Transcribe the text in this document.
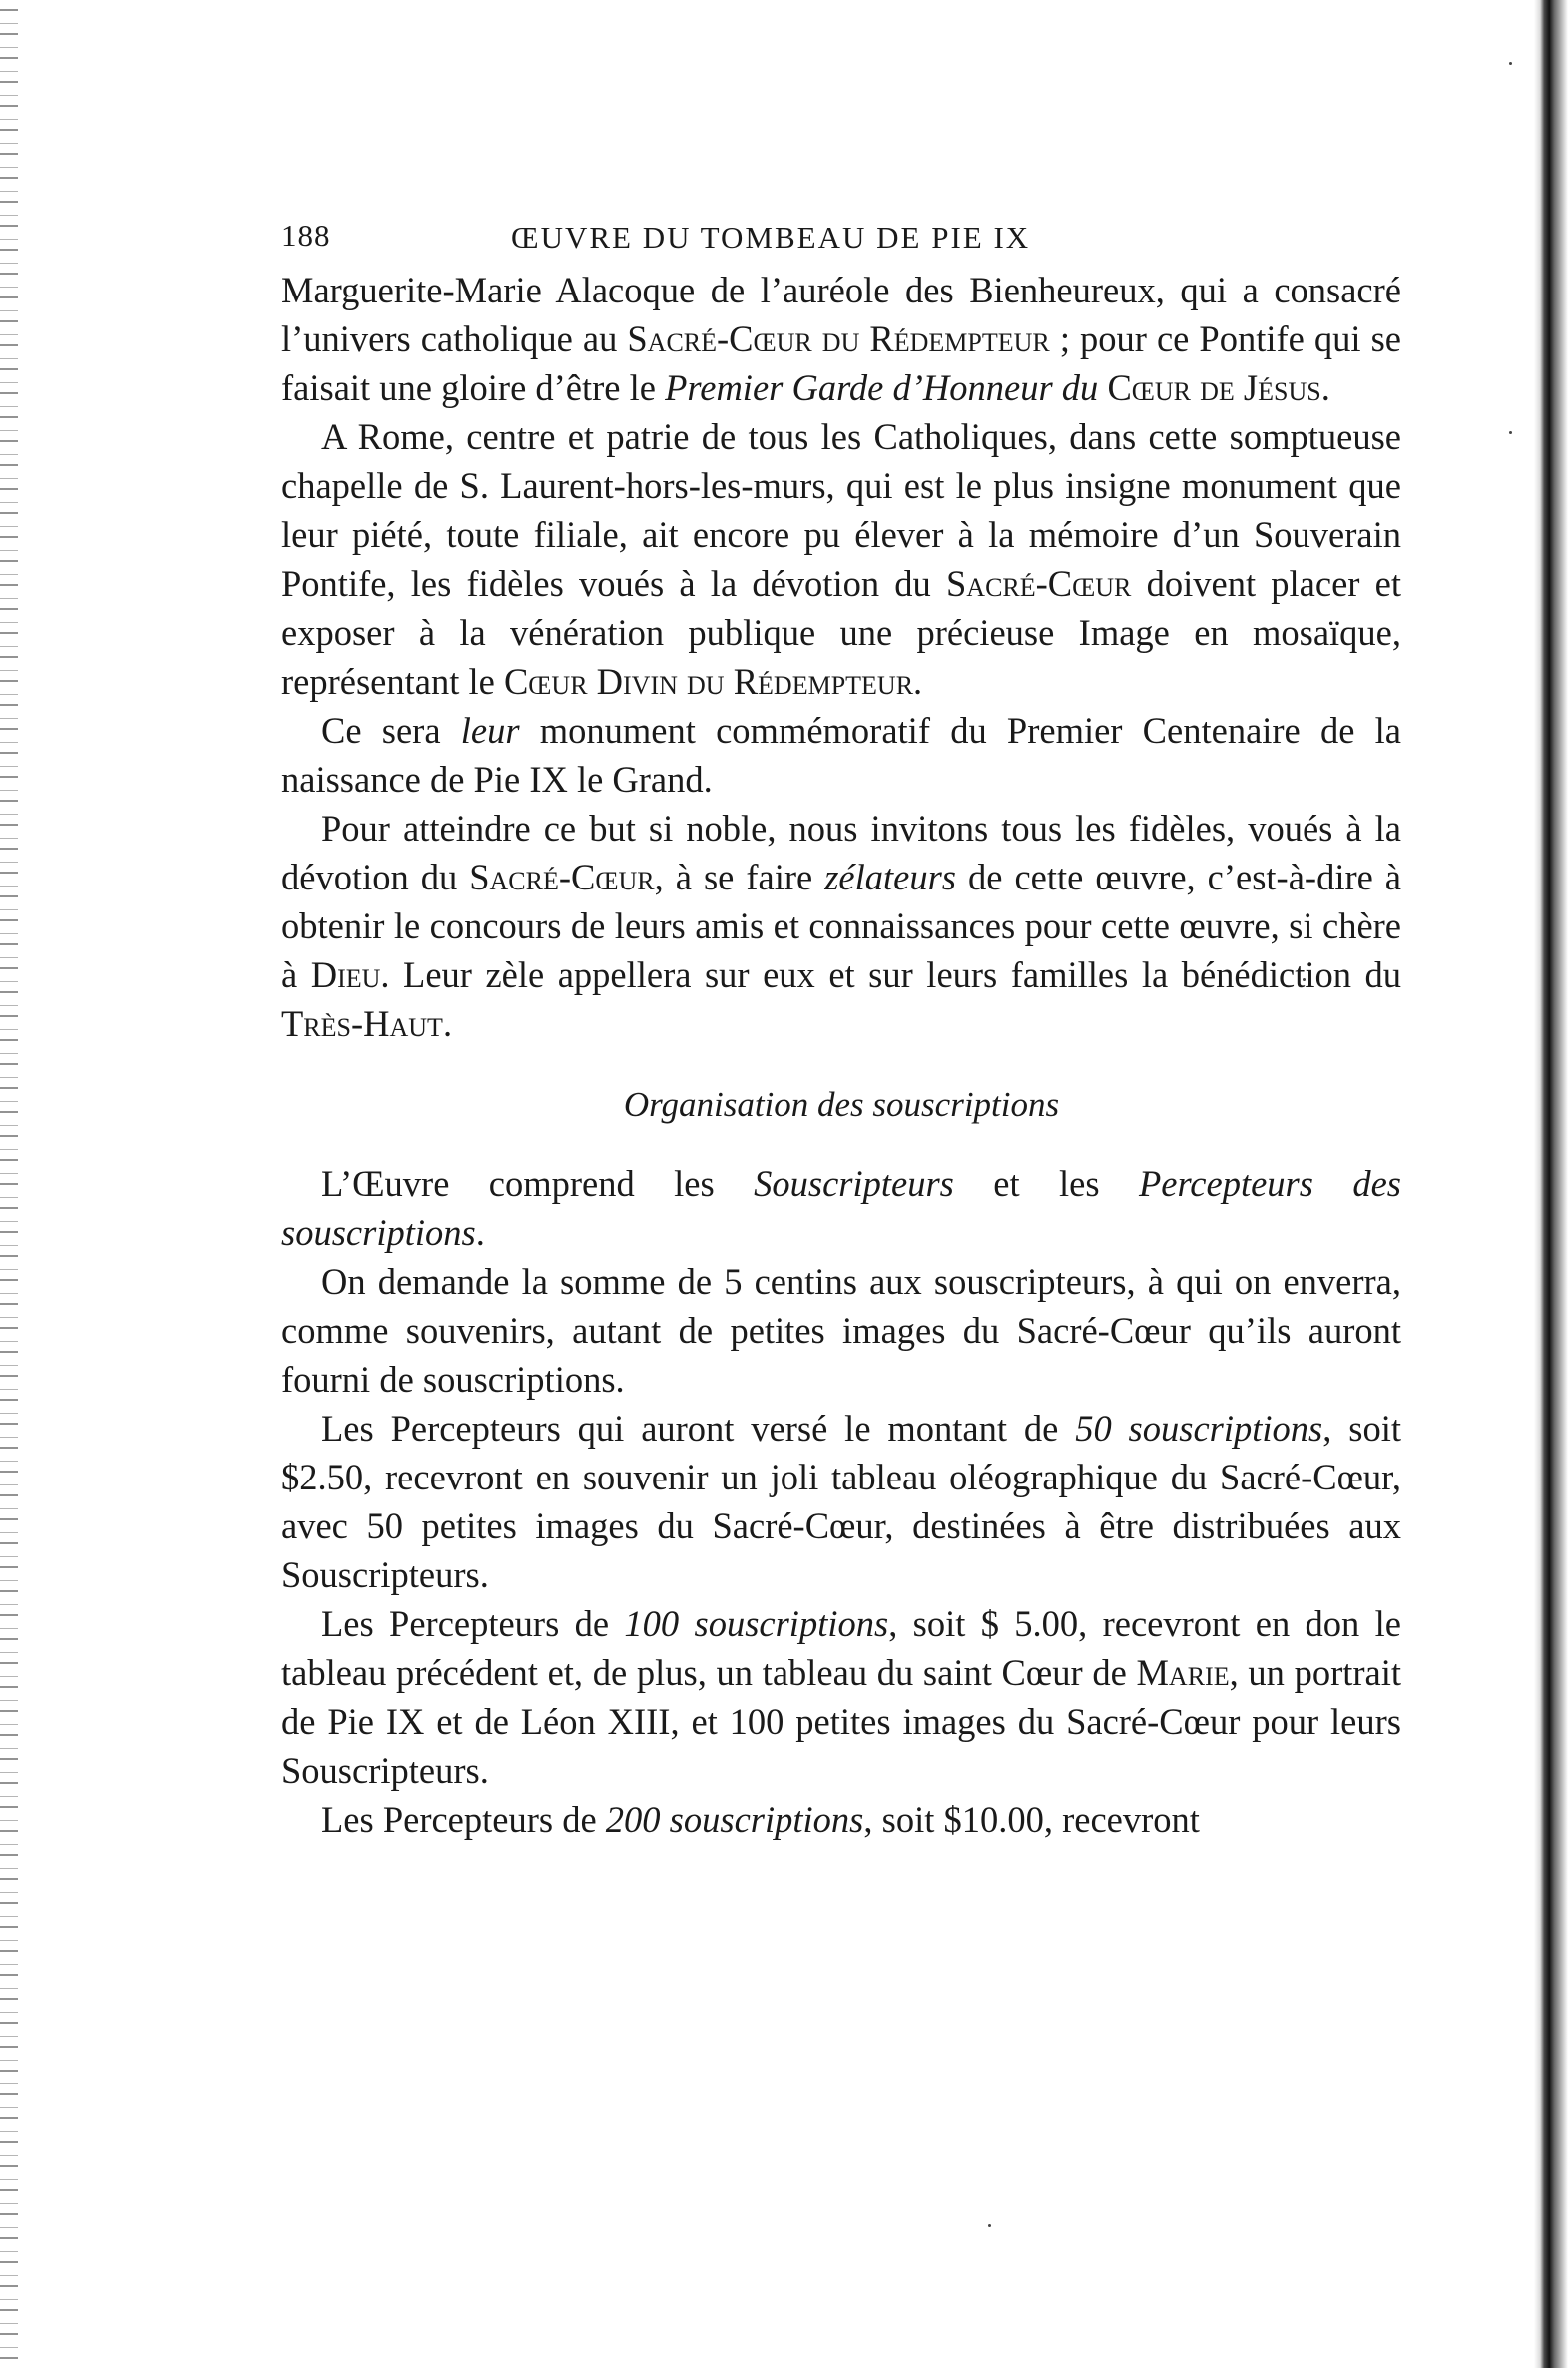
188	ŒUVRE DU TOMBEAU DE PIE IX

Marguerite-Marie Alacoque de l’auréole des Bienheureux, qui a consacré l’univers catholique au Sacré-Cœur du Rédempteur ; pour ce Pontife qui se faisait une gloire d’être le Premier Garde d’Honneur du Cœur de Jésus.

A Rome, centre et patrie de tous les Catholiques, dans cette somptueuse chapelle de S. Laurent-hors-les-murs, qui est le plus insigne monument que leur piété, toute filiale, ait encore pu élever à la mémoire d’un Souverain Pontife, les fidèles voués à la dévotion du Sacré-Cœur doivent placer et exposer à la vénération publique une précieuse Image en mosaïque, représentant le Cœur Divin du Rédempteur.

Ce sera leur monument commémoratif du Premier Centenaire de la naissance de Pie IX le Grand.

Pour atteindre ce but si noble, nous invitons tous les fidèles, voués à la dévotion du Sacré-Cœur, à se faire zélateurs de cette œuvre, c’est-à-dire à obtenir le concours de leurs amis et connaissances pour cette œuvre, si chère à Dieu. Leur zèle appellera sur eux et sur leurs familles la bénédiction du Très-Haut.

Organisation des souscriptions

L’Œuvre comprend les Souscripteurs et les Percepteurs des souscriptions.

On demande la somme de 5 centins aux souscripteurs, à qui on enverra, comme souvenirs, autant de petites images du Sacré-Cœur qu’ils auront fourni de souscriptions.

Les Percepteurs qui auront versé le montant de 50 souscriptions, soit $2.50, recevront en souvenir un joli tableau oléographique du Sacré-Cœur, avec 50 petites images du Sacré-Cœur, destinées à être distribuées aux Souscripteurs.

Les Percepteurs de 100 souscriptions, soit $ 5.00, recevront en don le tableau précédent et, de plus, un tableau du saint Cœur de Marie, un portrait de Pie IX et de Léon XIII, et 100 petites images du Sacré-Cœur pour leurs Souscripteurs.

Les Percepteurs de 200 souscriptions, soit $10.00, recevront
